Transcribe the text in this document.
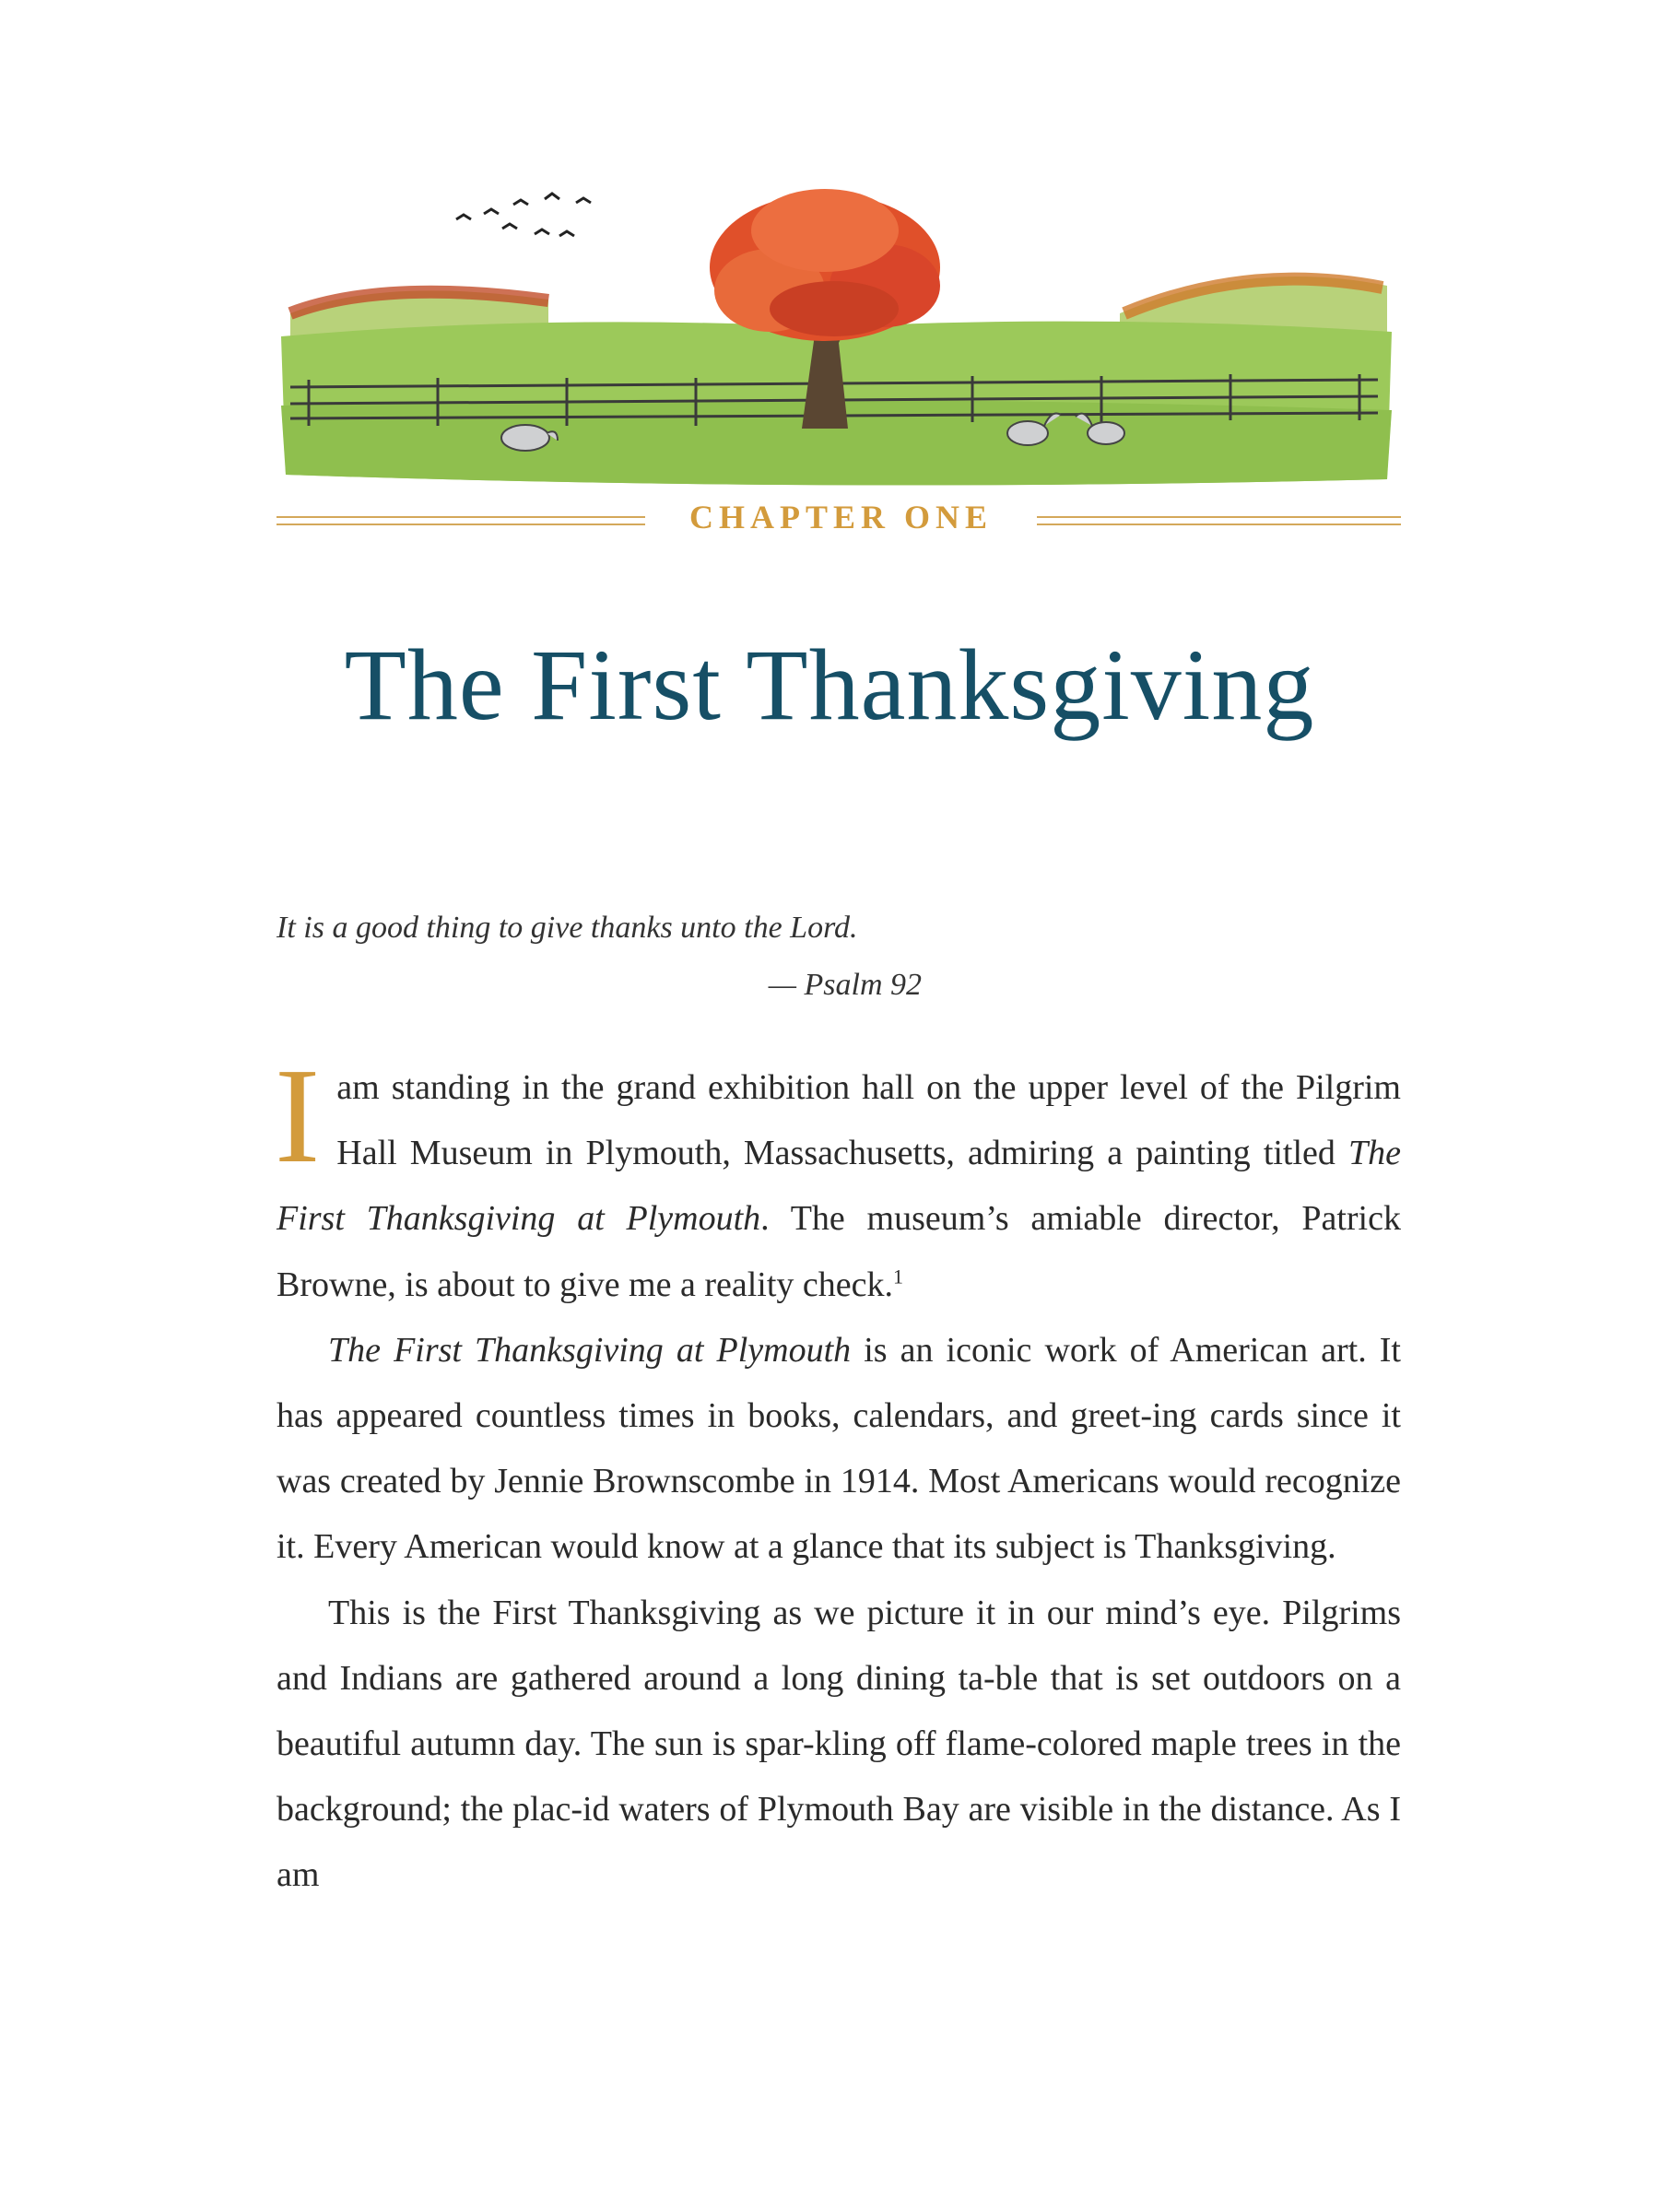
CHAPTER ONE
The First Thanksgiving
It is a good thing to give thanks unto the Lord.
— Psalm 92

Iam standing in the grand exhibition hall on the upper level of the Pilgrim Hall Museum in Plymouth, Massachusetts, admiring a painting titled The First Thanksgiving at Plymouth. The museum’s amiable director, Patrick Browne, is about to give me a reality check.$^1$

The First Thanksgiving at Plymouth is an iconic work of American art. It has appeared countless times in books, calendars, and greet-ing cards since it was created by Jennie Brownscombe in 1914. Most Americans would recognize it. Every American would know at a glance that its subject is Thanksgiving.

This is the First Thanksgiving as we picture it in our mind’s eye. Pilgrims and Indians are gathered around a long dining ta-ble that is set outdoors on a beautiful autumn day. The sun is spar-kling off flame-colored maple trees in the background; the plac-id waters of Plymouth Bay are visible in the distance. As I am
